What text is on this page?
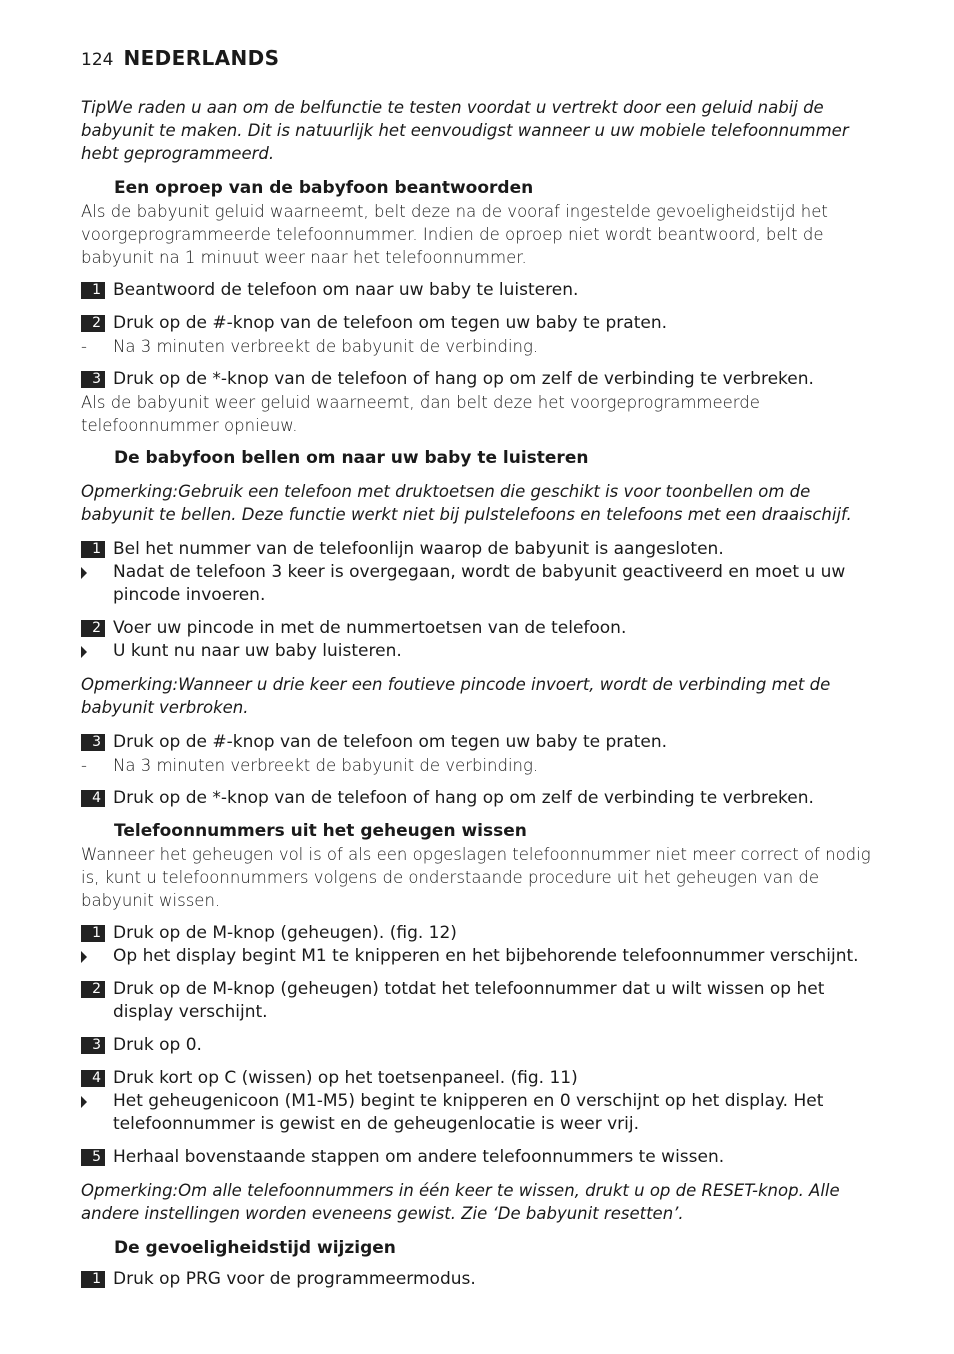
124 NEDERLANDS

TipWe raden u aan om de belfunctie te testen voordat u vertrekt door een geluid nabij de babyunit te maken. Dit is natuurlijk het eenvoudigst wanneer u uw mobiele telefoonnummer hebt geprogrammeerd.

Een oproep van de babyfoon beantwoorden

Als de babyunit geluid waarneemt, belt deze na de vooraf ingestelde gevoeligheidstijd het voorgeprogrammeerde telefoonnummer. Indien de oproep niet wordt beantwoord, belt de babyunit na 1 minuut weer naar het telefoonnummer.

1 Beantwoord de telefoon om naar uw baby te luisteren.
2 Druk op de #-knop van de telefoon om tegen uw baby te praten.
-	Na 3 minuten verbreekt de babyunit de verbinding.
3 Druk op de *-knop van de telefoon of hang op om zelf de verbinding te verbreken.

Als de babyunit weer geluid waarneemt, dan belt deze het voorgeprogrammeerde telefoonnummer opnieuw.

De babyfoon bellen om naar uw baby te luisteren

Opmerking:Gebruik een telefoon met druktoetsen die geschikt is voor toonbellen om de babyunit te bellen. Deze functie werkt niet bij pulstelefoons en telefoons met een draaischijf.

1 Bel het nummer van de telefoonlijn waarop de babyunit is aangesloten.
Nadat de telefoon 3 keer is overgegaan, wordt de babyunit geactiveerd en moet u uw pincode invoeren.
2 Voer uw pincode in met de nummertoetsen van de telefoon.
U kunt nu naar uw baby luisteren.

Opmerking:Wanneer u drie keer een foutieve pincode invoert, wordt de verbinding met de babyunit verbroken.

3 Druk op de #-knop van de telefoon om tegen uw baby te praten.
-	Na 3 minuten verbreekt de babyunit de verbinding.
4 Druk op de *-knop van de telefoon of hang op om zelf de verbinding te verbreken.
Telefoonnummers uit het geheugen wissen

Wanneer het geheugen vol is of als een opgeslagen telefoonnummer niet meer correct of nodig is, kunt u telefoonnummers volgens de onderstaande procedure uit het geheugen van de babyunit wissen.

1 Druk op de M-knop (geheugen). (fig. 12)
Op het display begint M1 te knipperen en het bijbehorende telefoonnummer verschijnt.
2 Druk op de M-knop (geheugen) totdat het telefoonnummer dat u wilt wissen op het display verschijnt.
3 Druk op 0.
4 Druk kort op C (wissen) op het toetsenpaneel. (fig. 11)
Het geheugenicoon (M1-M5) begint te knipperen en 0 verschijnt op het display. Het telefoonnummer is gewist en de geheugenlocatie is weer vrij.
5 Herhaal bovenstaande stappen om andere telefoonnummers te wissen.

Opmerking:Om alle telefoonnummers in één keer te wissen, drukt u op de RESET-knop. Alle andere instellingen worden eveneens gewist. Zie ‘De babyunit resetten’.

De gevoeligheidstijd wijzigen
1 Druk op PRG voor de programmeermodus.
